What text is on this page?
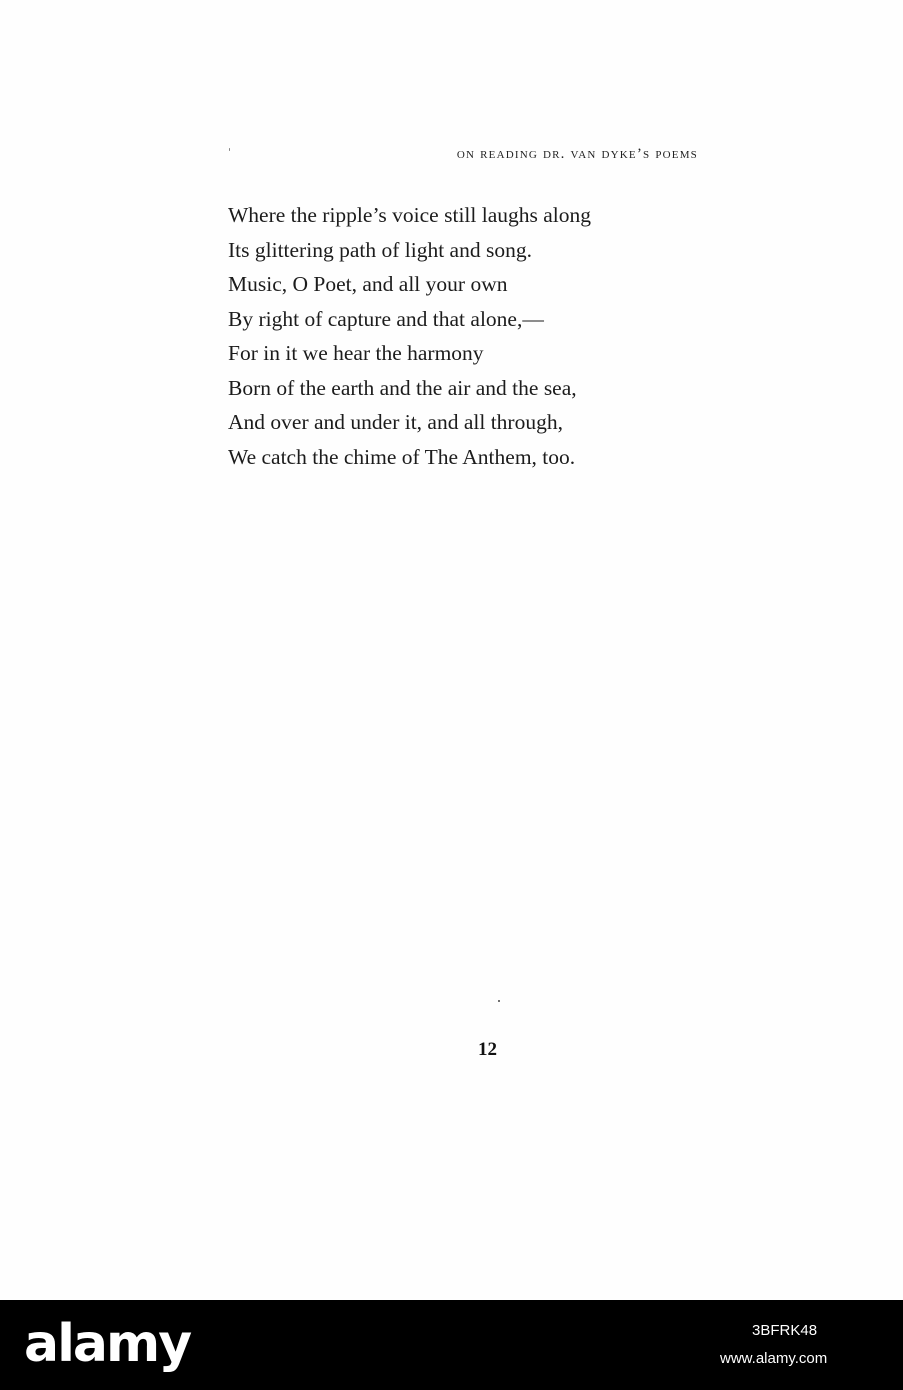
on reading dr. van dyke’s poems
Where the ripple’s voice still laughs along
Its glittering path of light and song.
Music, O Poet, and all your own
By right of capture and that alone,—
For in it we hear the harmony
Born of the earth and the air and the sea,
And over and under it, and all through,
We catch the chime of The Anthem, too.
12
alamy	3BFRK48
www.alamy.com
